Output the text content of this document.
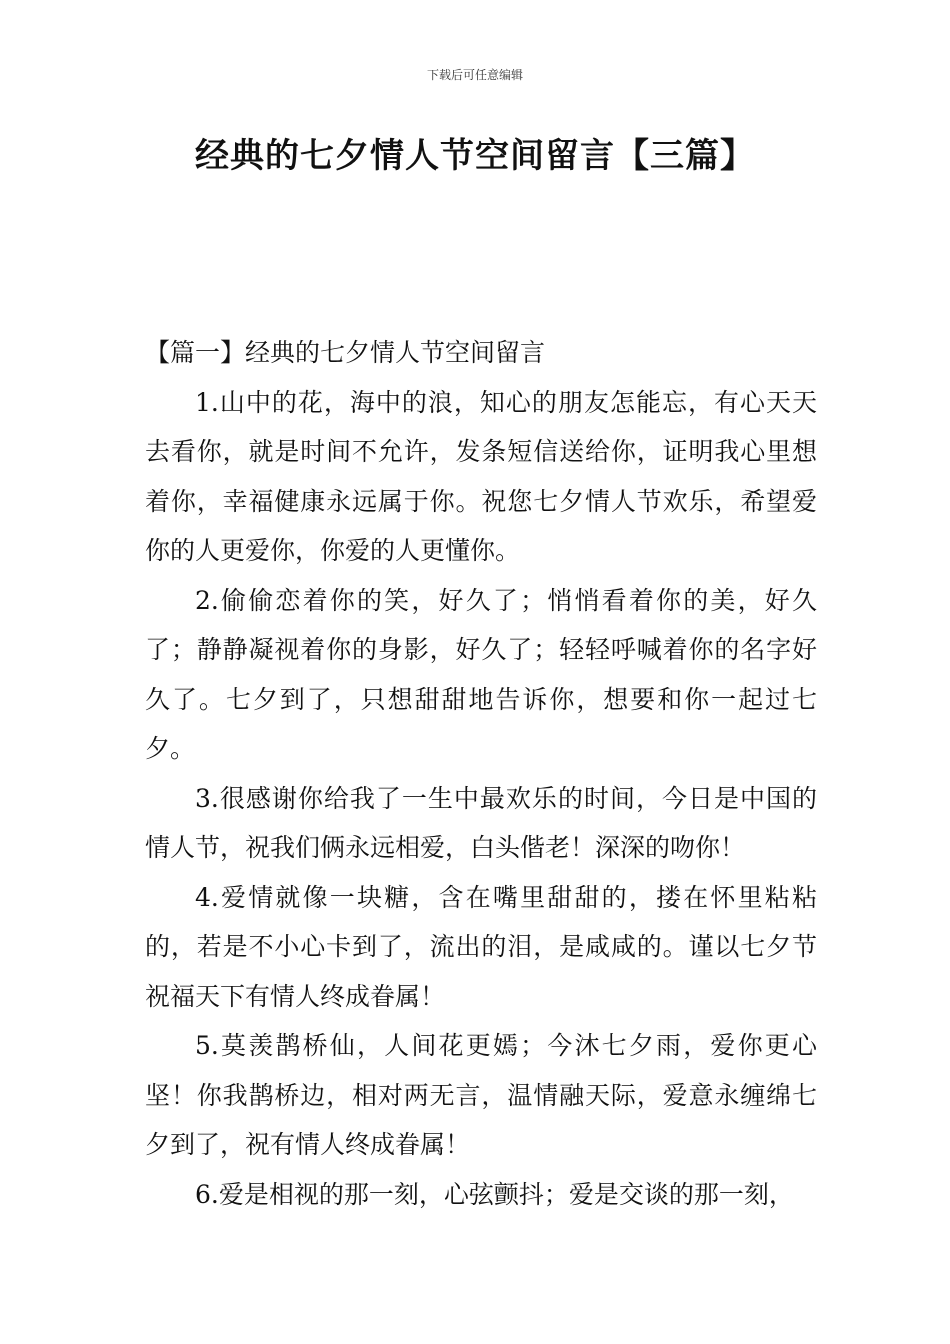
下载后可任意编辑
经典的七夕情人节空间留言【三篇】

【篇一】经典的七夕情人节空间留言

1.山中的花，海中的浪，知心的朋友怎能忘，有心天天去看你，就是时间不允许，发条短信送给你，证明我心里想着你，幸福健康永远属于你。祝您七夕情人节欢乐，希望爱你的人更爱你，你爱的人更懂你。

2.偷偷恋着你的笑，好久了；悄悄看着你的美，好久了；静静凝视着你的身影，好久了；轻轻呼喊着你的名字好久了。七夕到了，只想甜甜地告诉你，想要和你一起过七夕。

3.很感谢你给我了一生中最欢乐的时间，今日是中国的情人节，祝我们俩永远相爱，白头偕老！深深的吻你！

4.爱情就像一块糖，含在嘴里甜甜的，搂在怀里粘粘的，若是不小心卡到了，流出的泪，是咸咸的。谨以七夕节祝福天下有情人终成眷属！

5.莫羡鹊桥仙，人间花更嫣；今沐七夕雨，爱你更心坚！你我鹊桥边，相对两无言，温情融天际，爱意永缠绵七夕到了，祝有情人终成眷属！

6.爱是相视的那一刻，心弦颤抖；爱是交谈的那一刻，
